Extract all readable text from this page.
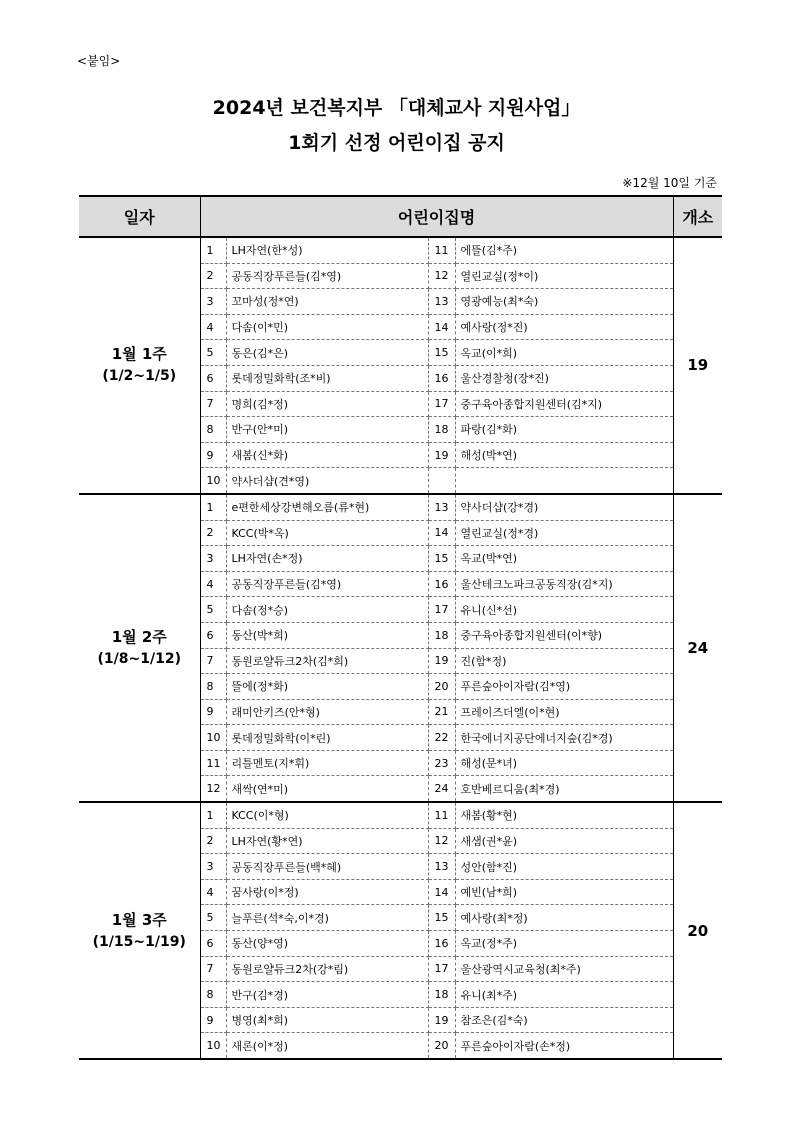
<붙임>
2024년 보건복지부 「대체교사 지원사업」
1회기 선정 어린이집 공지
※12월 10일 기준
일자	어린이집명				개소

1월 1주
(1/2~1/5)	1	LH자연(한*성)	11	에뜰(김*주)	19
	2	공동직장푸른들(김*영)	12	열린교실(정*이)	
	3	꼬마성(정*연)	13	영광예능(최*숙)	
	4	다솜(이*민)	14	예사랑(정*진)	
	5	동은(김*은)	15	옥교(이*희)	
	6	롯데정밀화학(조*비)	16	울산경찰청(장*진)	
	7	명희(김*정)	17	중구육아종합지원센터(김*지)	
	8	반구(안*미)	18	파랑(김*화)	
	9	새봄(신*화)	19	해성(박*연)	
	10	약사더샵(견*영)			

1월 2주
(1/8~1/12)	1	e편한세상강변해오름(류*현)	13	약사더샵(강*경)	24
	2	KCC(박*옥)	14	열린교실(정*경)	
	3	LH자연(손*정)	15	옥교(박*연)	
	4	공동직장푸른들(김*영)	16	울산테크노파크공동직장(김*지)	
	5	다솜(정*승)	17	유니(신*선)	
	6	동산(박*희)	18	중구육아종합지원센터(이*향)	
	7	동원로얄듀크2차(김*희)	19	진(함*정)	
	8	뜰에(정*화)	20	푸른숲아이자람(김*영)	
	9	래미안키즈(안*형)	21	프레이즈더엘(이*현)	
	10	롯데정밀화학(이*린)	22	한국에너지공단에너지숲(김*경)	
	11	리틀멘토(지*휘)	23	해성(문*녀)	
	12	새싹(연*미)	24	호반베르디움(최*경)	

1월 3주
(1/15~1/19)	1	KCC(이*형)	11	새봄(황*현)	20
	2	LH자연(황*연)	12	새샘(권*윤)	
	3	공동직장푸른들(백*혜)	13	성안(함*진)	
	4	꿈사랑(이*정)	14	예빈(남*희)	
	5	늘푸른(석*숙,이*경)	15	예사랑(최*정)	
	6	동산(양*영)	16	옥교(정*주)	
	7	동원로얄듀크2차(강*림)	17	울산광역시교육청(최*주)	
	8	반구(김*경)	18	유니(최*주)	
	9	병영(최*희)	19	참조은(김*숙)	
	10	새론(이*정)	20	푸른숲아이자람(손*정)	
